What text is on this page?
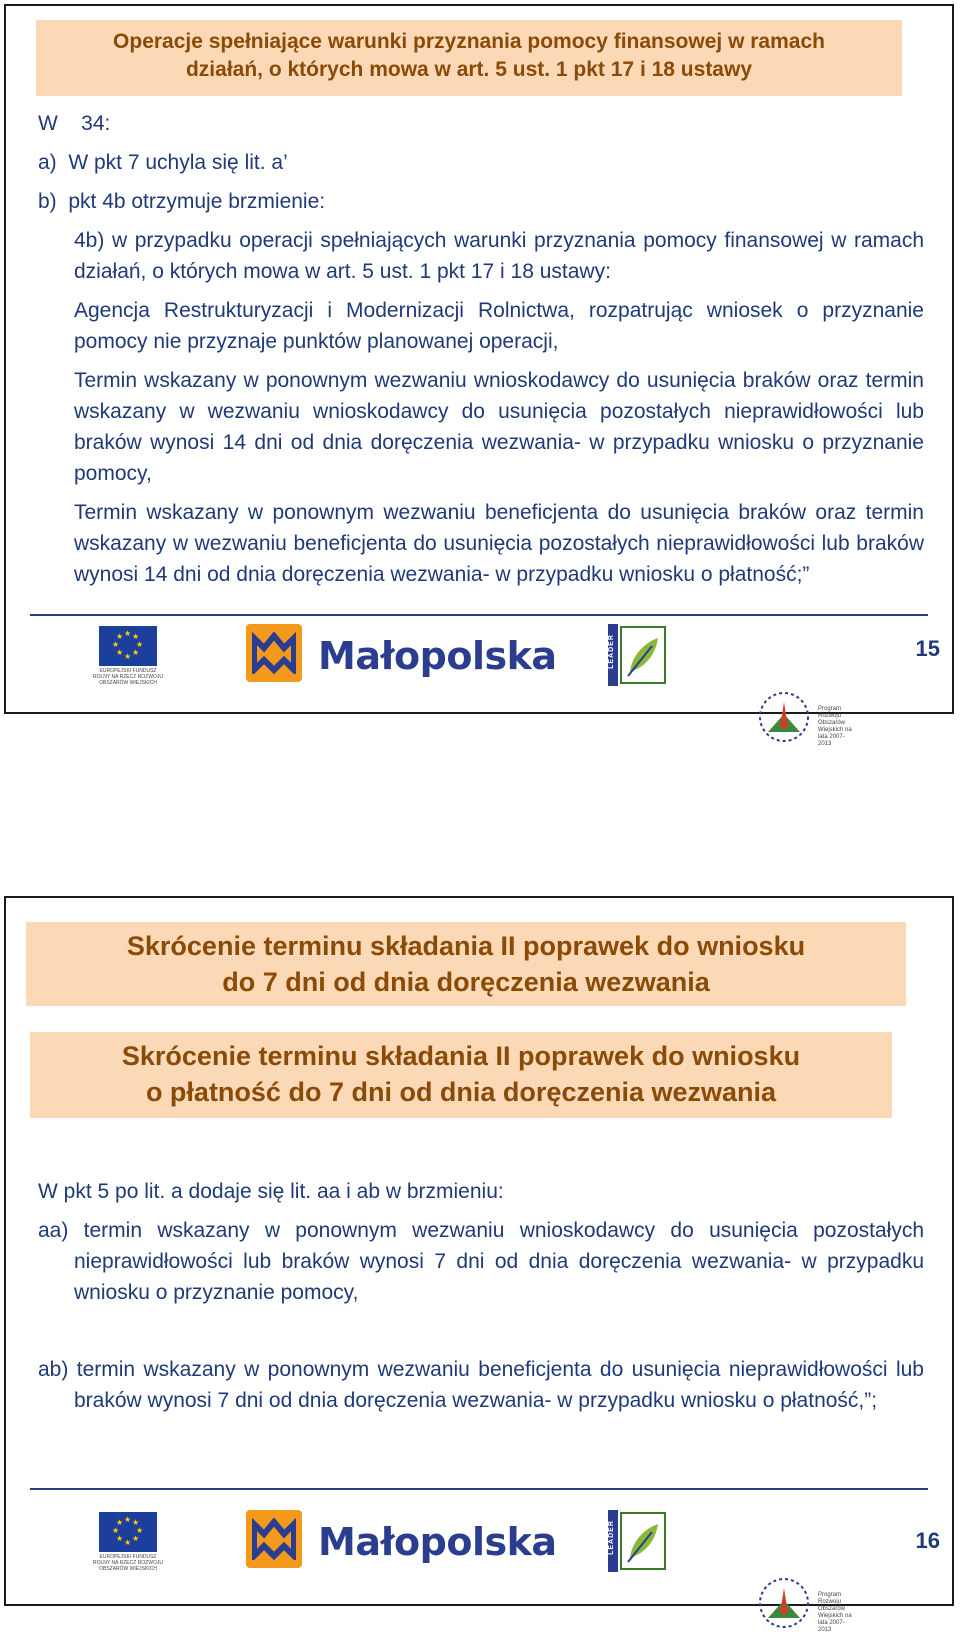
Operacje spełniające warunki przyznania pomocy finansowej w ramach
działań, o których mowa w art. 5 ust. 1 pkt 17 i 18 ustawy

W    34:

a)  W pkt 7 uchyla się lit. a’

b)  pkt 4b otrzymuje brzmienie:

4b) w przypadku operacji spełniających warunki przyznania pomocy finansowej w ramach działań, o których mowa w art. 5 ust. 1 pkt 17 i 18 ustawy:

Agencja Restrukturyzacji i Modernizacji Rolnictwa, rozpatrując wniosek o przyznanie pomocy nie przyznaje punktów planowanej operacji,

Termin wskazany w ponownym wezwaniu wnioskodawcy do usunięcia braków oraz termin wskazany w wezwaniu wnioskodawcy do usunięcia pozostałych nieprawidłowości lub braków wynosi 14 dni od dnia doręczenia wezwania- w przypadku wniosku o przyznanie pomocy,

Termin wskazany w ponownym wezwaniu beneficjenta do usunięcia braków oraz termin wskazany w wezwaniu beneficjenta do usunięcia pozostałych nieprawidłowości lub braków wynosi 14 dni od dnia doręczenia wezwania- w przypadku wniosku o płatność;”

★ ★
★
★
★
★
★
★
EUROPEJSKI FUNDUSZ ROLNY NA RZECZ ROZWOJU OBSZARÓW WIEJSKICH
Małopolska	LEADER
Program Rozwoju Obszarów Wiejskich na lata 2007-2013
15
Skrócenie terminu składania II poprawek do wniosku
do 7 dni od dnia doręczenia wezwania
Skrócenie terminu składania II poprawek do wniosku
o płatność do 7 dni od dnia doręczenia wezwania

W pkt 5 po lit. a dodaje się lit. aa i ab w brzmieniu:

aa) termin wskazany w ponownym wezwaniu wnioskodawcy do usunięcia pozostałych nieprawidłowości lub braków wynosi 7 dni od dnia doręczenia wezwania- w przypadku wniosku o przyznanie pomocy,

ab) termin wskazany w ponownym wezwaniu beneficjenta do usunięcia nieprawidłowości lub braków wynosi 7 dni od dnia doręczenia wezwania- w przypadku wniosku o płatność,”;

★ ★
★
★
★
★
★
★
EUROPEJSKI FUNDUSZ ROLNY NA RZECZ ROZWOJU OBSZARÓW WIEJSKICH
Małopolska	LEADER
Program Rozwoju Obszarów Wiejskich na lata 2007-2013
16
